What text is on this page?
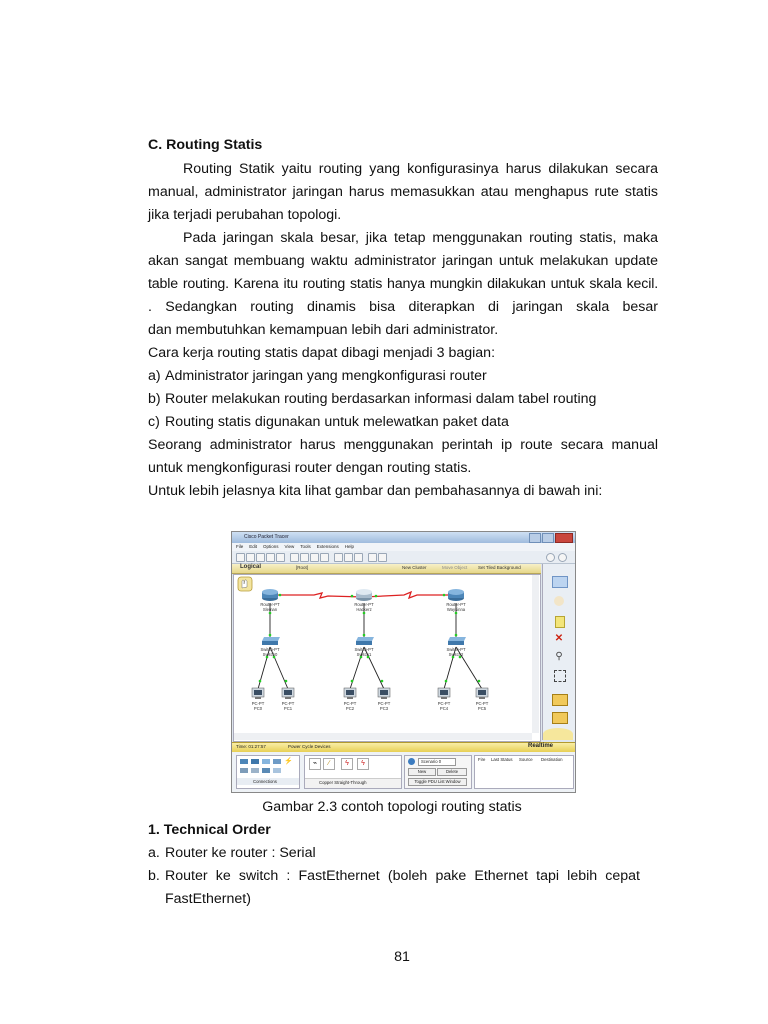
C. Routing Statis
Routing Statik yaitu routing yang konfigurasinya harus dilakukan secara
manual, administrator jaringan harus memasukkan atau menghapus rute statis
jika terjadi perubahan topologi.
Pada jaringan skala besar, jika tetap menggunakan routing statis, maka
akan sangat membuang waktu administrator jaringan untuk melakukan update
table routing. Karena itu routing statis hanya mungkin dilakukan untuk skala kecil.
. Sedangkan routing dinamis bisa diterapkan di jaringan skala besar
dan membutuhkan kemampuan lebih dari administrator.
Cara kerja routing statis dapat dibagi menjadi 3 bagian:
a) Administrator jaringan yang mengkonfigurasi router
b) Router melakukan routing berdasarkan informasi dalam tabel routing
c) Routing statis digunakan untuk melewatkan paket data
Seorang administrator harus menggunakan perintah ip route secara manual
untuk mengkonfigurasi router dengan routing statis.
Untuk lebih jelasnya kita lihat gambar dan pembahasannya di bawah ini:
Cisco Packet Tracer
File Edit Options View Tools Extensions Help
Logical	[Root]	New Cluster	Move Object Set Tiled Background
Router-PT
Sleman
Router-PT
Hackerz
Router-PT
Waysinna
Switch-PT
Switch0
Switch-PT
Switch1
Switch-PT
Switch2
PC-PT
PC0
PC-PT
PC1
PC-PT
PC2
PC-PT
PC3
PC-PT
PC4
PC-PT
PC5
✕
⚲
Time: 01:27:57	Power Cycle Devices	Realtime
⚡
Connections
⌁	∕	ϟ	ϟ
Copper Straight-Through
Scenario 0
New	Delete
Toggle PDU List Window
Fire Last Status Source Destination
Gambar 2.3 contoh topologi routing statis
1. Technical Order
a. Router ke router : Serial
b. Router ke switch : FastEthernet (boleh pake Ethernet tapi lebih cepat
FastEthernet)
81
